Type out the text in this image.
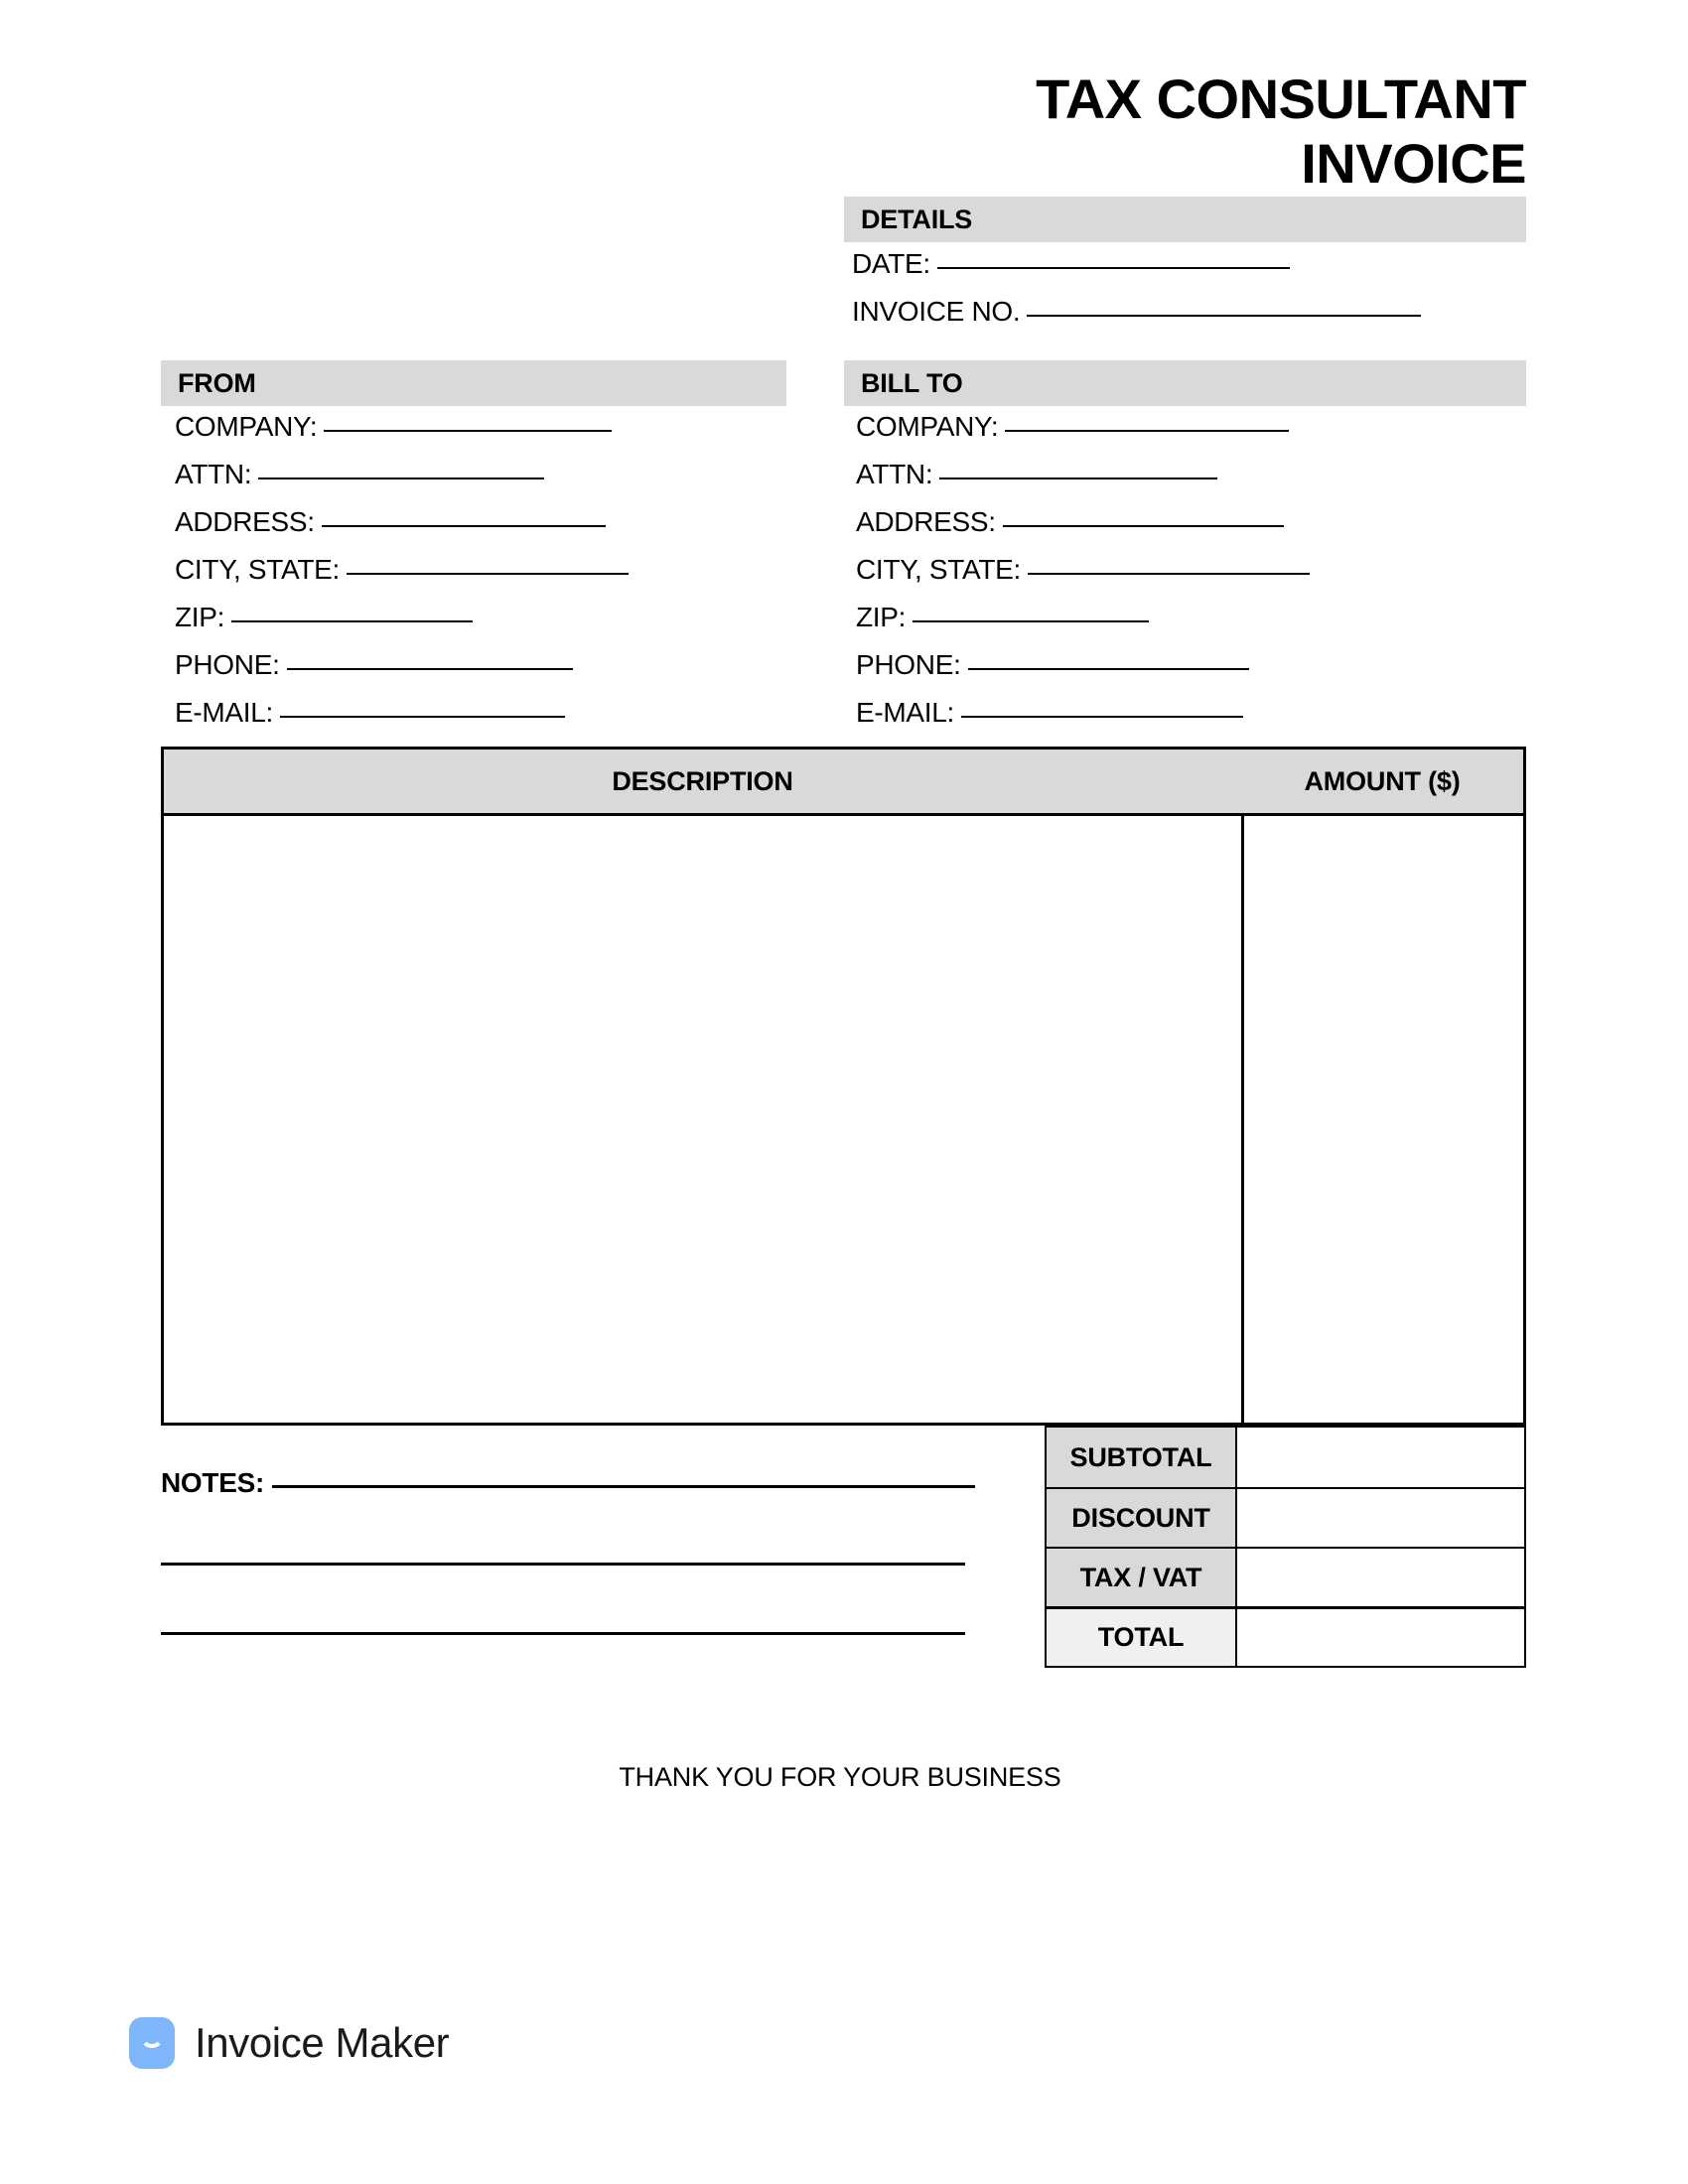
TAX CONSULTANT
INVOICE
DETAILS
DATE:
INVOICE NO.
FROM
COMPANY:
ATTN:
ADDRESS:
CITY, STATE:
ZIP:
PHONE:
E-MAIL:
BILL TO
COMPANY:
ATTN:
ADDRESS:
CITY, STATE:
ZIP:
PHONE:
E-MAIL:
DESCRIPTION	AMOUNT ($)
SUBTOTAL
DISCOUNT
TAX / VAT
TOTAL
NOTES:
THANK YOU FOR YOUR BUSINESS
Invoice Maker
